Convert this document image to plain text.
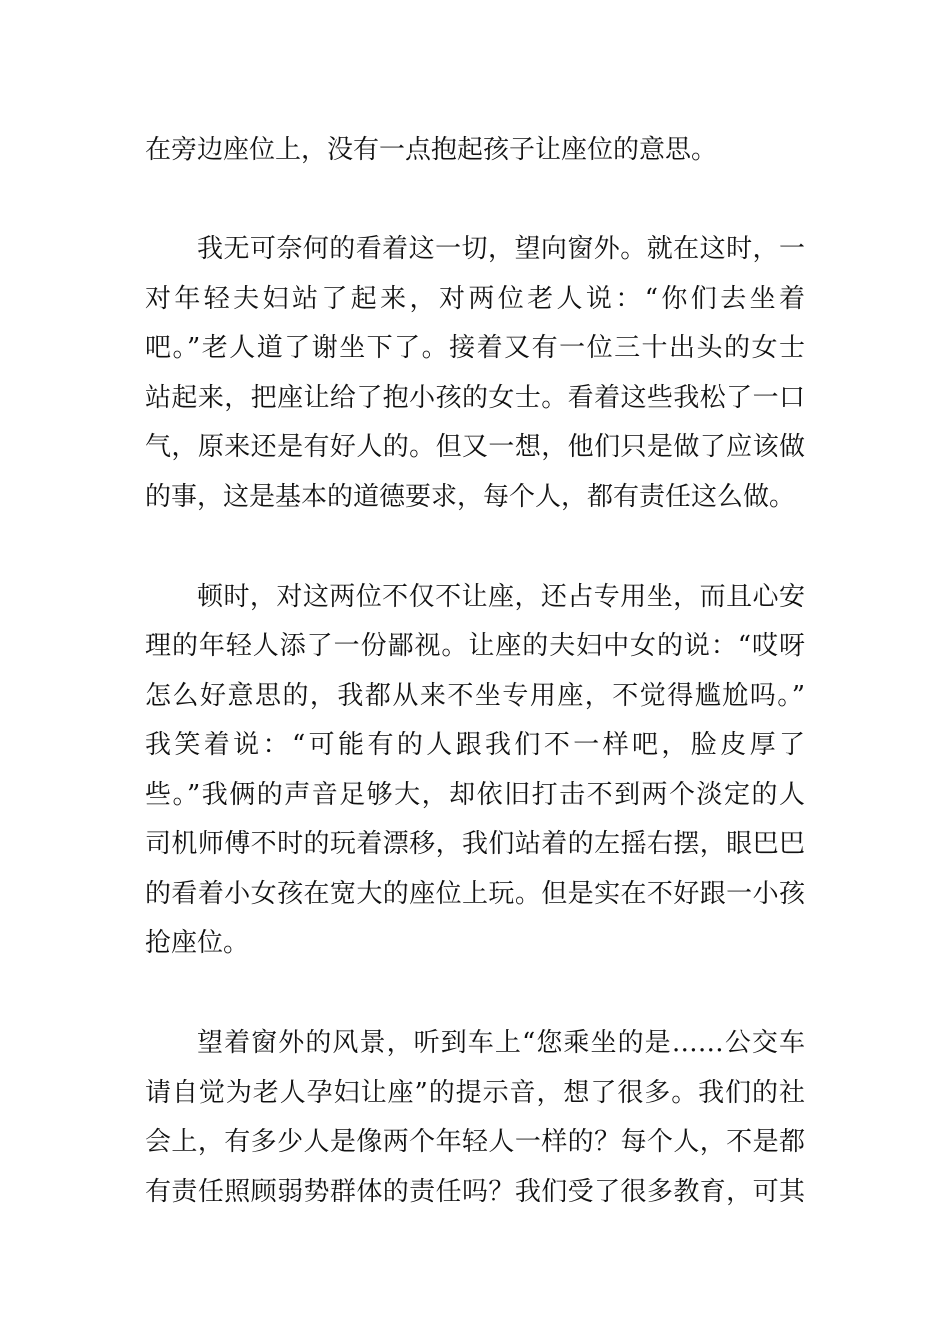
在旁边座位上，没有一点抱起孩子让座位的意思。
我无可奈何的看着这一切，望向窗外。就在这时，一
对年轻夫妇站了起来，对两位老人说：“你们去坐着
吧。”老人道了谢坐下了。接着又有一位三十出头的女士
站起来，把座让给了抱小孩的女士。看着这些我松了一口
气，原来还是有好人的。但又一想，他们只是做了应该做
的事，这是基本的道德要求，每个人，都有责任这么做。
顿时，对这两位不仅不让座，还占专用坐，而且心安
理的年轻人添了一份鄙视。让座的夫妇中女的说：“哎呀
怎么好意思的，我都从来不坐专用座，不觉得尴尬吗。”
我笑着说：“可能有的人跟我们不一样吧，脸皮厚了
些。”我俩的声音足够大，却依旧打击不到两个淡定的人
司机师傅不时的玩着漂移，我们站着的左摇右摆，眼巴巴
的看着小女孩在宽大的座位上玩。但是实在不好跟一小孩
抢座位。
望着窗外的风景，听到车上“您乘坐的是……公交车
请自觉为老人孕妇让座”的提示音，想了很多。我们的社
会上，有多少人是像两个年轻人一样的？每个人，不是都
有责任照顾弱势群体的责任吗？我们受了很多教育，可其
